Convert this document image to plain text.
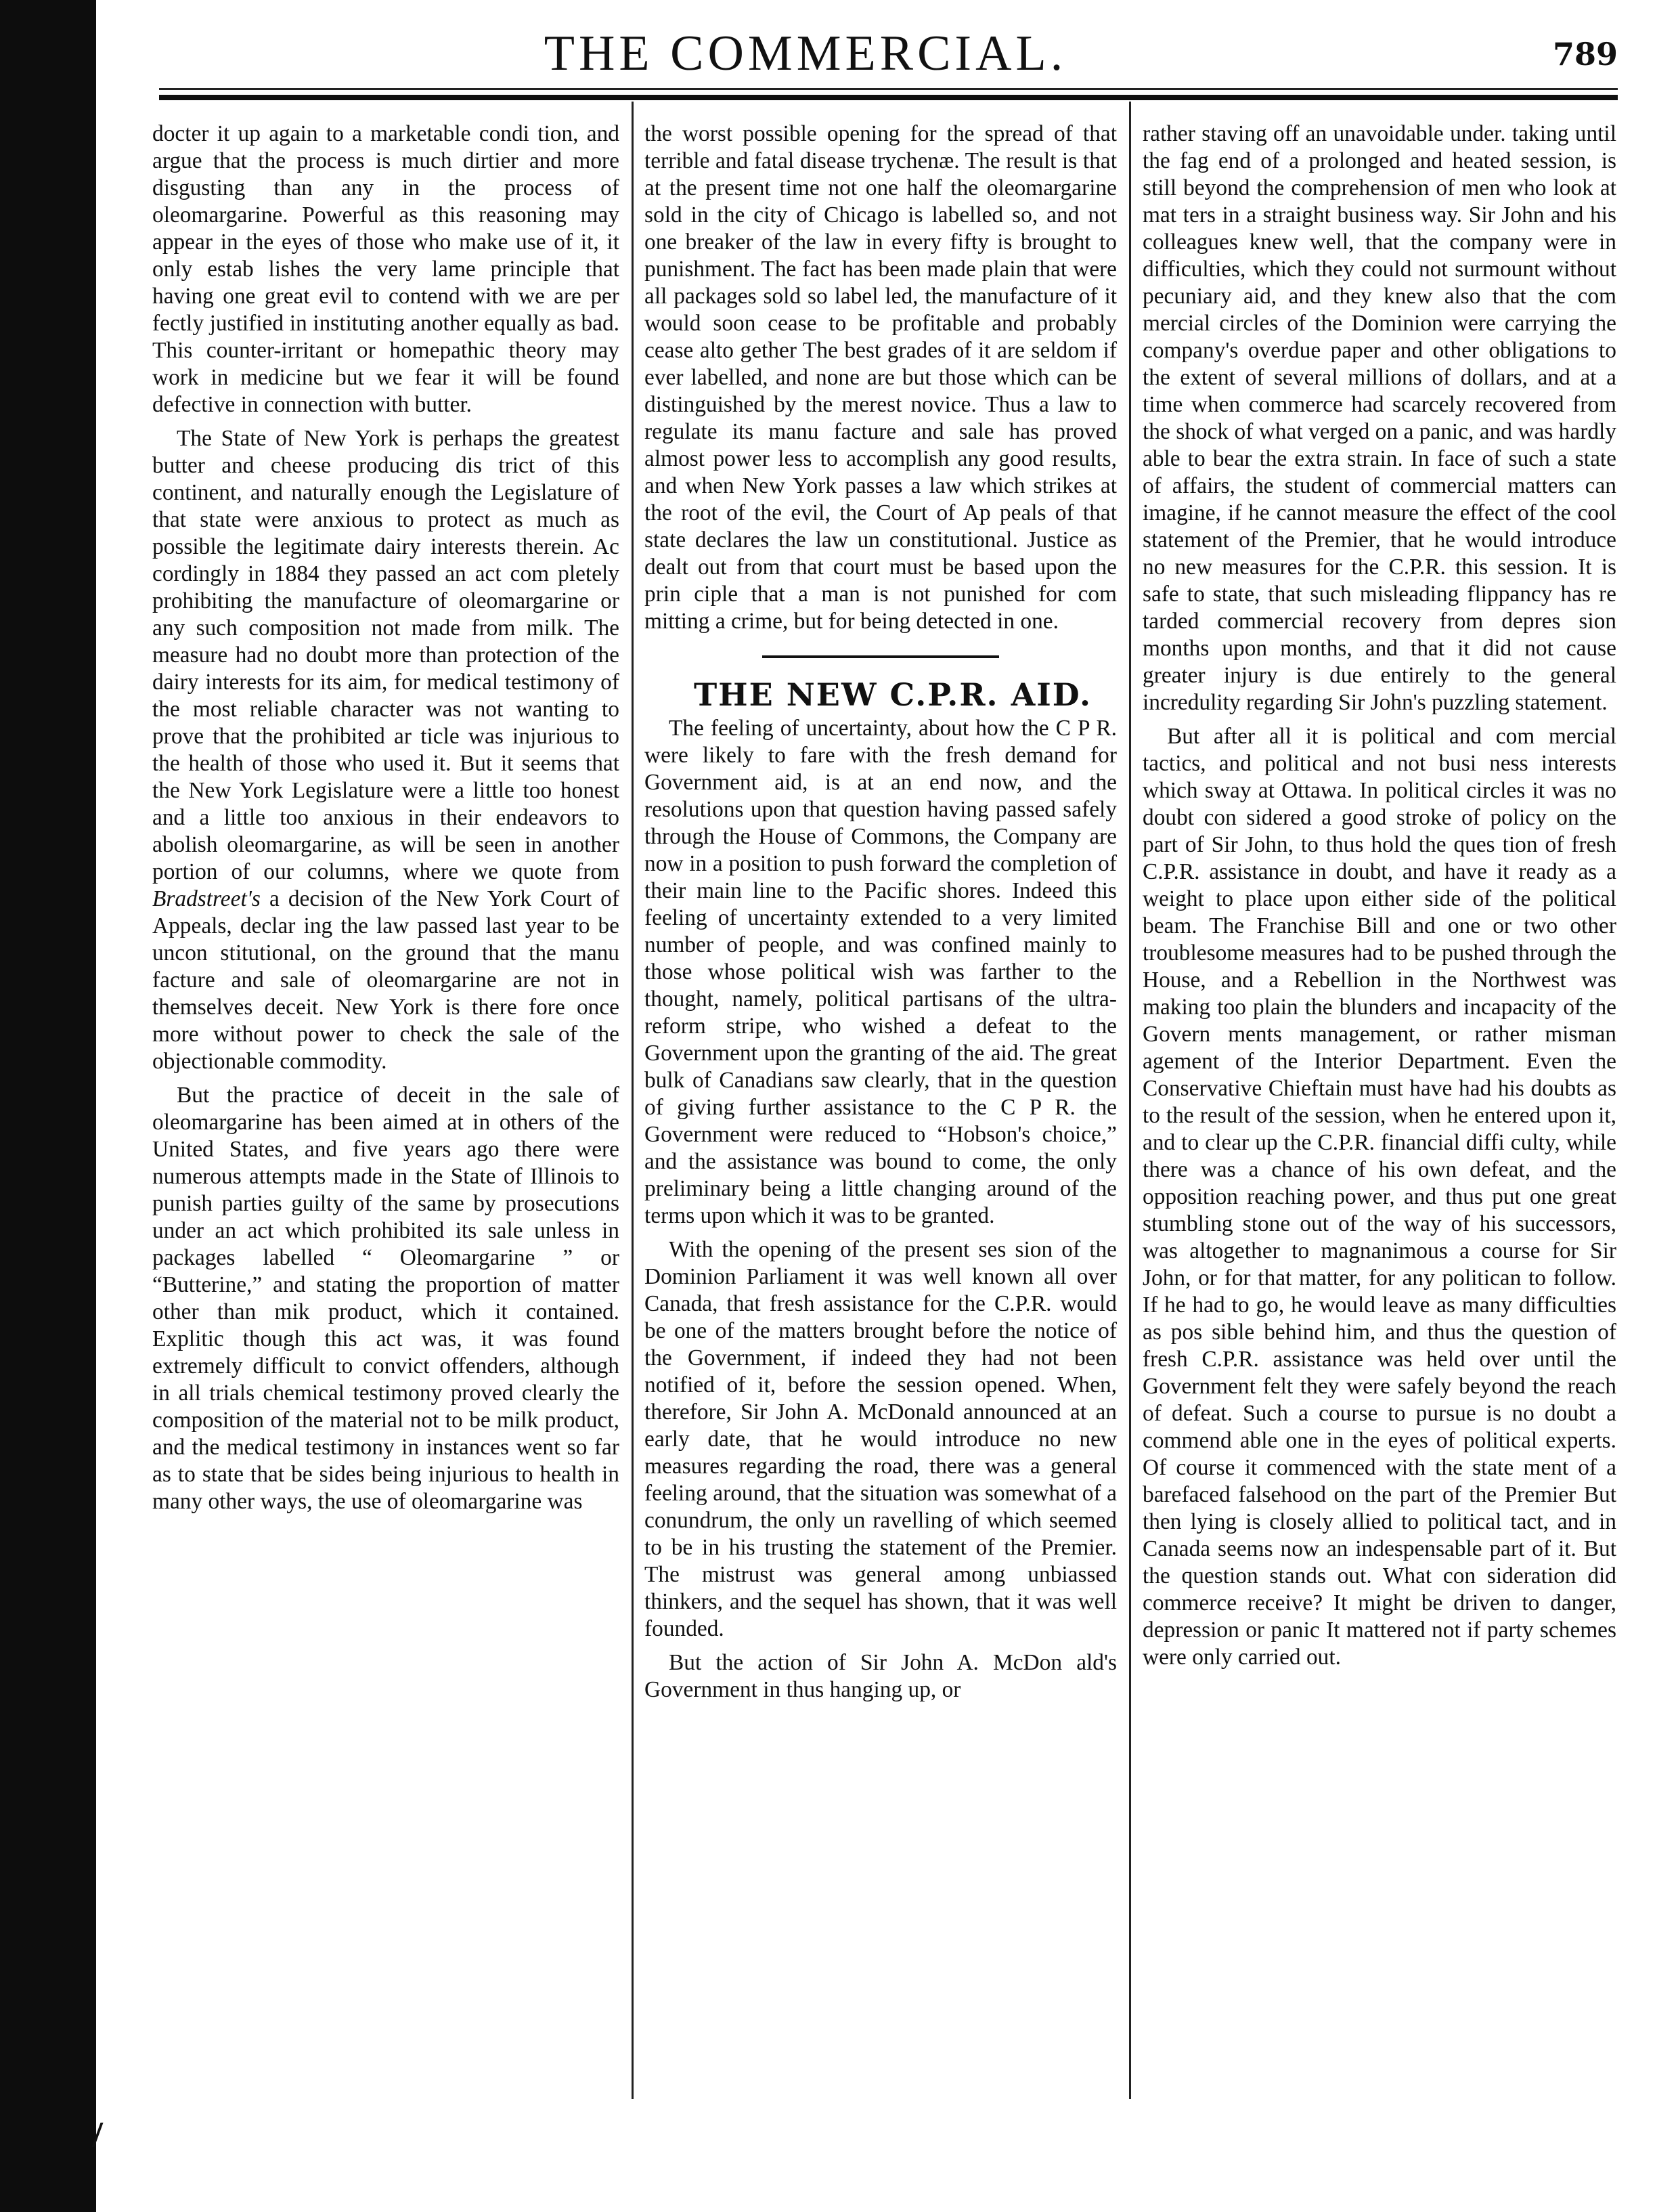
THE COMMERCIAL.	789

docter it up again to a marketable condi tion, and argue that the process is much dirtier and more disgusting than any in the process of oleomargarine. Powerful as this reasoning may appear in the eyes of those who make use of it, it only estab lishes the very lame principle that having one great evil to contend with we are per fectly justified in instituting another equally as bad. This counter-irritant or homepathic theory may work in medicine but we fear it will be found defective in connection with butter.

The State of New York is perhaps the greatest butter and cheese producing dis trict of this continent, and naturally enough the Legislature of that state were anxious to protect as much as possible the legitimate dairy interests therein. Ac cordingly in 1884 they passed an act com pletely prohibiting the manufacture of oleomargarine or any such composition not made from milk. The measure had no doubt more than protection of the dairy interests for its aim, for medical testimony of the most reliable character was not wanting to prove that the prohibited ar ticle was injurious to the health of those who used it. But it seems that the New York Legislature were a little too honest and a little too anxious in their endeavors to abolish oleomargarine, as will be seen in another portion of our columns, where we quote from Bradstreet's a decision of the New York Court of Appeals, declar ing the law passed last year to be uncon stitutional, on the ground that the manu facture and sale of oleomargarine are not in themselves deceit. New York is there fore once more without power to check the sale of the objectionable commodity.

But the practice of deceit in the sale of oleomargarine has been aimed at in others of the United States, and five years ago there were numerous attempts made in the State of Illinois to punish parties guilty of the same by prosecutions under an act which prohibited its sale unless in packages labelled “ Oleomargarine ” or “Butterine,” and stating the proportion of matter other than mik product, which it contained. Explitic though this act was, it was found extremely difficult to convict offenders, although in all trials chemical testimony proved clearly the composition of the material not to be milk product, and the medical testimony in instances went so far as to state that be sides being injurious to health in many other ways, the use of oleomargarine was

the worst possible opening for the spread of that terrible and fatal disease trychenæ. The result is that at the present time not one half the oleomargarine sold in the city of Chicago is labelled so, and not one breaker of the law in every fifty is brought to punishment. The fact has been made plain that were all packages sold so label led, the manufacture of it would soon cease to be profitable and probably cease alto gether The best grades of it are seldom if ever labelled, and none are but those which can be distinguished by the merest novice. Thus a law to regulate its manu facture and sale has proved almost power less to accomplish any good results, and when New York passes a law which strikes at the root of the evil, the Court of Ap peals of that state declares the law un constitutional. Justice as dealt out from that court must be based upon the prin ciple that a man is not punished for com mitting a crime, but for being detected in one.

THE NEW C.P.R. AID.

The feeling of uncertainty, about how the C P R. were likely to fare with the fresh demand for Government aid, is at an end now, and the resolutions upon that question having passed safely through the House of Commons, the Company are now in a position to push forward the completion of their main line to the Pacific shores. Indeed this feeling of uncertainty extended to a very limited number of people, and was confined mainly to those whose political wish was farther to the thought, namely, political partisans of the ultra-reform stripe, who wished a defeat to the Government upon the granting of the aid. The great bulk of Canadians saw clearly, that in the question of giving further assistance to the C P R. the Government were reduced to “Hobson's choice,” and the assistance was bound to come, the only preliminary being a little changing around of the terms upon which it was to be granted.

With the opening of the present ses sion of the Dominion Parliament it was well known all over Canada, that fresh assistance for the C.P.R. would be one of the matters brought before the notice of the Government, if indeed they had not been notified of it, before the session opened. When, therefore, Sir John A. McDonald announced at an early date, that he would introduce no new measures regarding the road, there was a general feeling around, that the situation was somewhat of a conundrum, the only un ravelling of which seemed to be in his trusting the statement of the Premier. The mistrust was general among unbiassed thinkers, and the sequel has shown, that it was well founded.

But the action of Sir John A. McDon ald's Government in thus hanging up, or

rather staving off an unavoidable under. taking until the fag end of a prolonged and heated session, is still beyond the comprehension of men who look at mat ters in a straight business way. Sir John and his colleagues knew well, that the company were in difficulties, which they could not surmount without pecuniary aid, and they knew also that the com mercial circles of the Dominion were carrying the company's overdue paper and other obligations to the extent of several millions of dollars, and at a time when commerce had scarcely recovered from the shock of what verged on a panic, and was hardly able to bear the extra strain. In face of such a state of affairs, the student of commercial matters can imagine, if he cannot measure the effect of the cool statement of the Premier, that he would introduce no new measures for the C.P.R. this session. It is safe to state, that such misleading flippancy has re tarded commercial recovery from depres sion months upon months, and that it did not cause greater injury is due entirely to the general incredulity regarding Sir John's puzzling statement.

But after all it is political and com mercial tactics, and political and not busi ness interests which sway at Ottawa. In political circles it was no doubt con sidered a good stroke of policy on the part of Sir John, to thus hold the ques tion of fresh C.P.R. assistance in doubt, and have it ready as a weight to place upon either side of the political beam. The Franchise Bill and one or two other troublesome measures had to be pushed through the House, and a Rebellion in the Northwest was making too plain the blunders and incapacity of the Govern ments management, or rather misman agement of the Interior Department. Even the Conservative Chieftain must have had his doubts as to the result of the session, when he entered upon it, and to clear up the C.P.R. financial diffi culty, while there was a chance of his own defeat, and the opposition reaching power, and thus put one great stumbling stone out of the way of his successors, was altogether to magnanimous a course for Sir John, or for that matter, for any politican to follow. If he had to go, he would leave as many difficulties as pos sible behind him, and thus the question of fresh C.P.R. assistance was held over until the Government felt they were safely beyond the reach of defeat. Such a course to pursue is no doubt a commend able one in the eyes of political experts. Of course it commenced with the state ment of a barefaced falsehood on the part of the Premier But then lying is closely allied to political tact, and in Canada seems now an indespensable part of it. But the question stands out. What con sideration did commerce receive? It might be driven to danger, depression or panic It mattered not if party schemes were only carried out.
